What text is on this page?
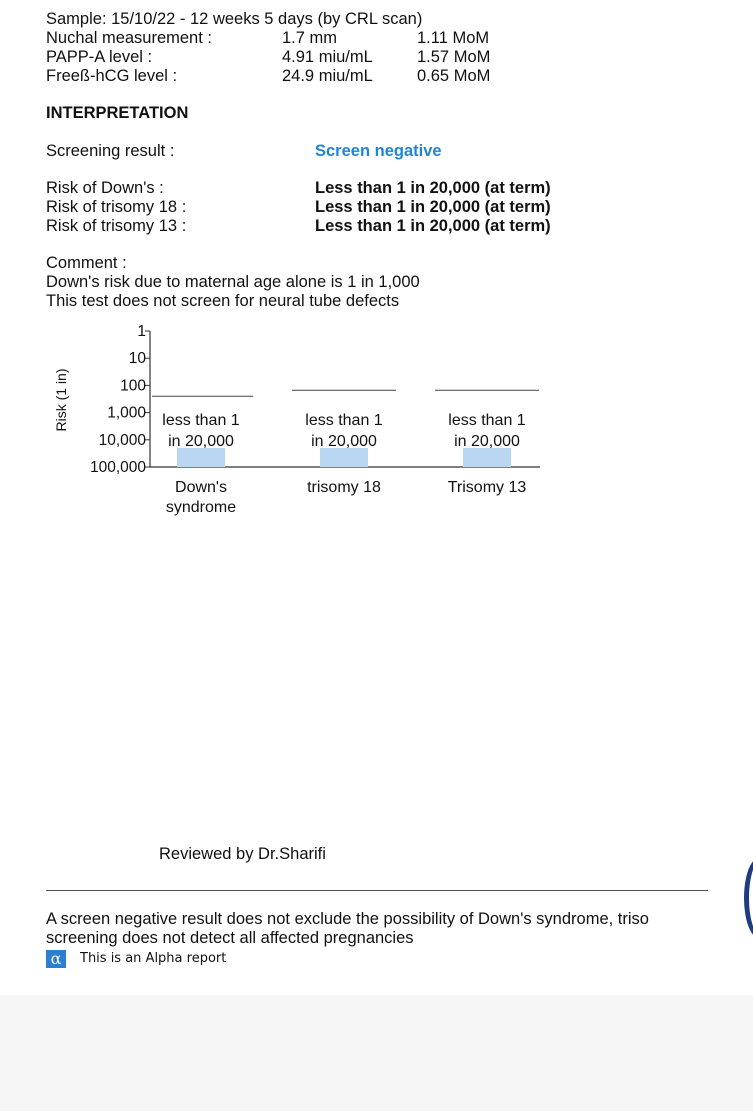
Sample: 15/10/22 - 12 weeks 5 days (by CRL scan)
Nuchal measurement :	1.7 mm	1.11 MoM
PAPP-A level :	4.91 miu/mL	1.57 MoM
Freeß-hCG level :	24.9 miu/mL	0.65 MoM
INTERPRETATION
Screening result :	Screen negative
Risk of Down's :	Less than 1 in 20,000 (at term)
Risk of trisomy 18 :	Less than 1 in 20,000 (at term)
Risk of trisomy 13 :	Less than 1 in 20,000 (at term)
Comment :
Down's risk due to maternal age alone is 1 in 1,000
This test does not screen for neural tube defects
1
10
100
1,000
10,000
100,000
Risk (1 in)	less than 1
in 20,000
Down's
syndrome
less than 1
in 20,000
trisomy 18
less than 1
in 20,000
Trisomy 13
Reviewed by Dr.Sharifi
A screen negative result does not exclude the possibility of Down's syndrome, triso
screening does not detect all affected pregnancies
α	This is an Alpha report
